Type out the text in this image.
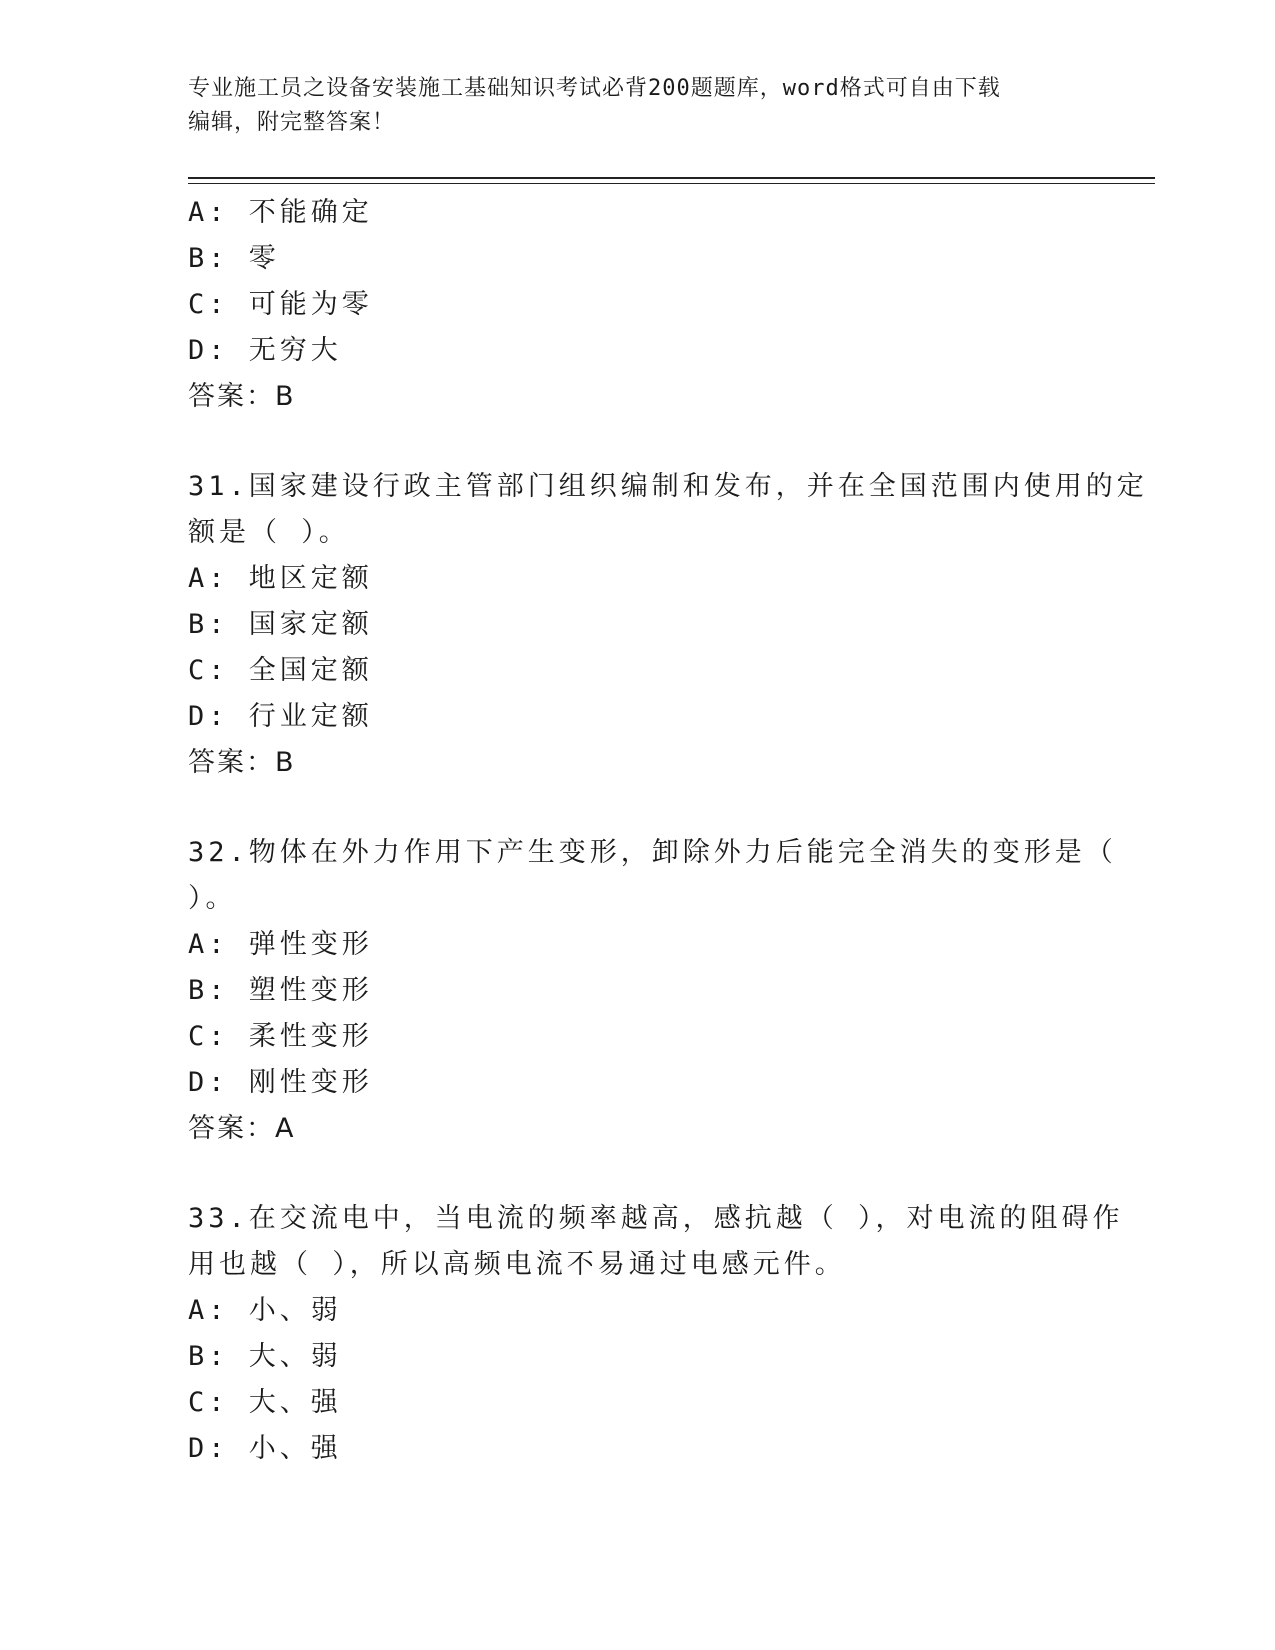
专业施工员之设备安装施工基础知识考试必背200题题库，word格式可自由下载
编辑，附完整答案！
A: 不能确定
B: 零
C: 可能为零
D: 无穷大
答案：B
31.国家建设行政主管部门组织编制和发布，并在全国范围内使用的定
额是（ ）。
A: 地区定额
B: 国家定额
C: 全国定额
D: 行业定额
答案：B
32.物体在外力作用下产生变形，卸除外力后能完全消失的变形是（
）。
A: 弹性变形
B: 塑性变形
C: 柔性变形
D: 刚性变形
答案：A
33.在交流电中，当电流的频率越高，感抗越（ ），对电流的阻碍作
用也越（ ），所以高频电流不易通过电感元件。
A: 小、弱
B: 大、弱
C: 大、强
D: 小、强
